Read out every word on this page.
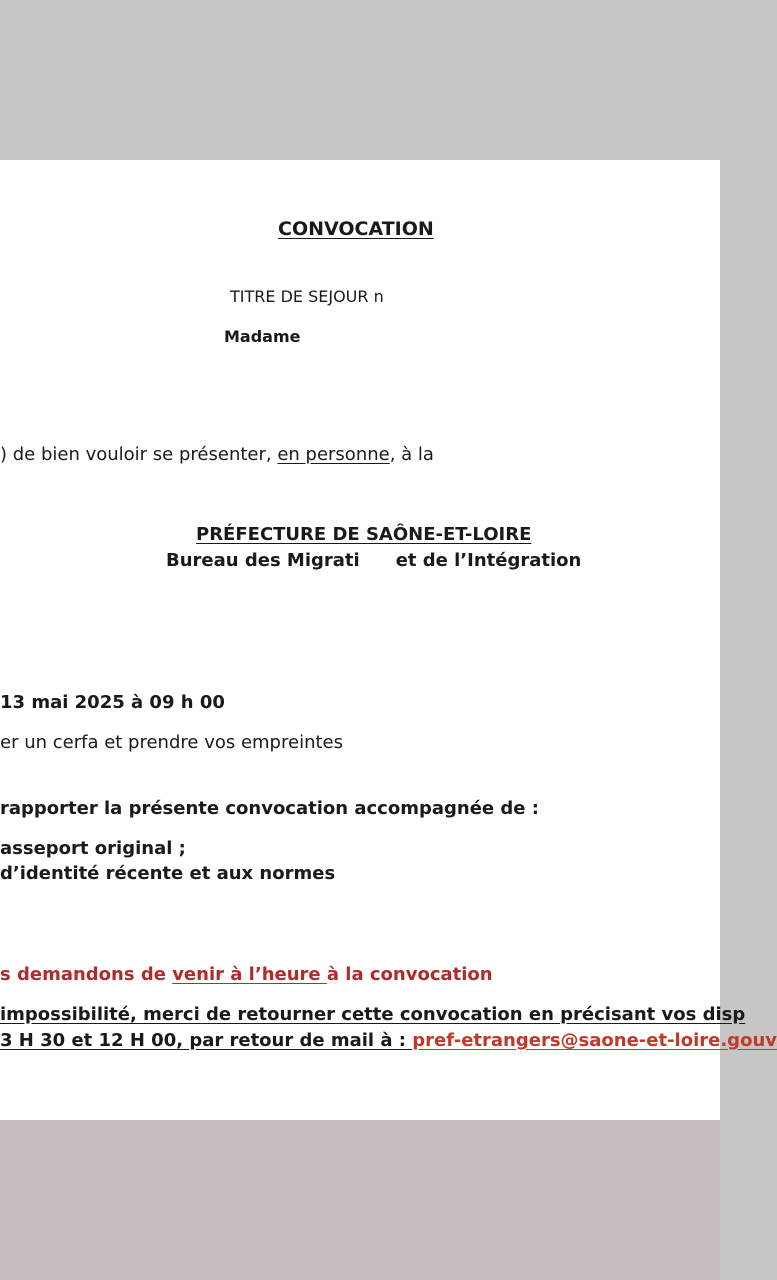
CONVOCATION
TITRE DE SEJOUR n
Madame
) de bien vouloir se présenter, en personne, à la
PRÉFECTURE DE SAÔNE-ET-LOIRE
Bureau des Migrati et de l’Intégration
13 mai 2025 à 09 h 00
er un cerfa et prendre vos empreintes
rapporter la présente convocation accompagnée de :
asseport original ;
d’identité récente et aux normes
s demandons de venir à l’heure à la convocation
impossibilité, merci de retourner cette convocation en précisant vos disp
3 H 30 et 12 H 00, par retour de mail à : pref-etrangers@saone-et-loire.gouv
